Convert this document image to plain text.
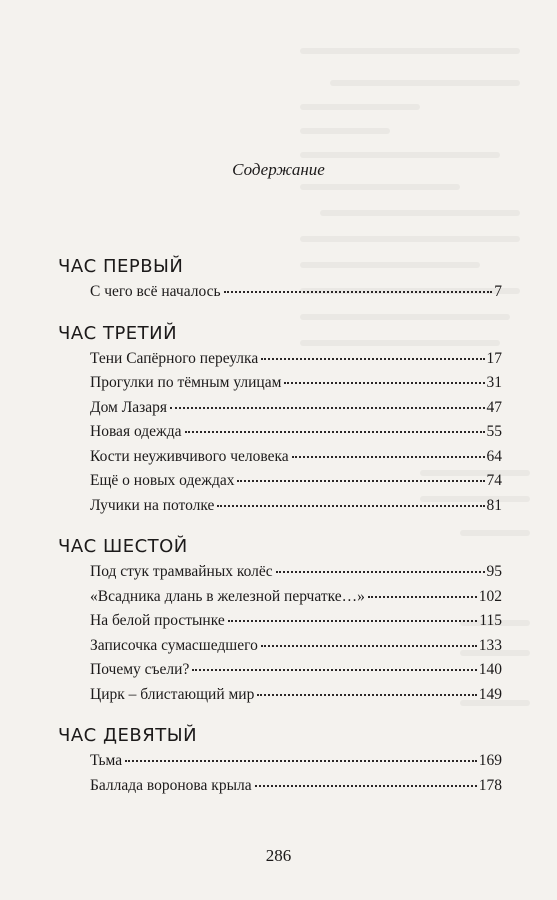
Содержание
ЧАС ПЕРВЫЙ
С чего всё началось	7
ЧАС ТРЕТИЙ
Тени Сапёрного переулка	17
Прогулки по тёмным улицам	31
Дом Лазаря	47
Новая одежда	55
Кости неуживчивого человека	64
Ещё о новых одеждах	74
Лучики на потолке	81
ЧАС ШЕСТОЙ
Под стук трамвайных колёс	95
«Всадника длань в железной перчатке…»	102
На белой простынке	115
Записочка сумасшедшего	133
Почему съели?	140
Цирк – блистающий мир	149
ЧАС ДЕВЯТЫЙ
Тьма	169
Баллада воронова крыла	178
286
